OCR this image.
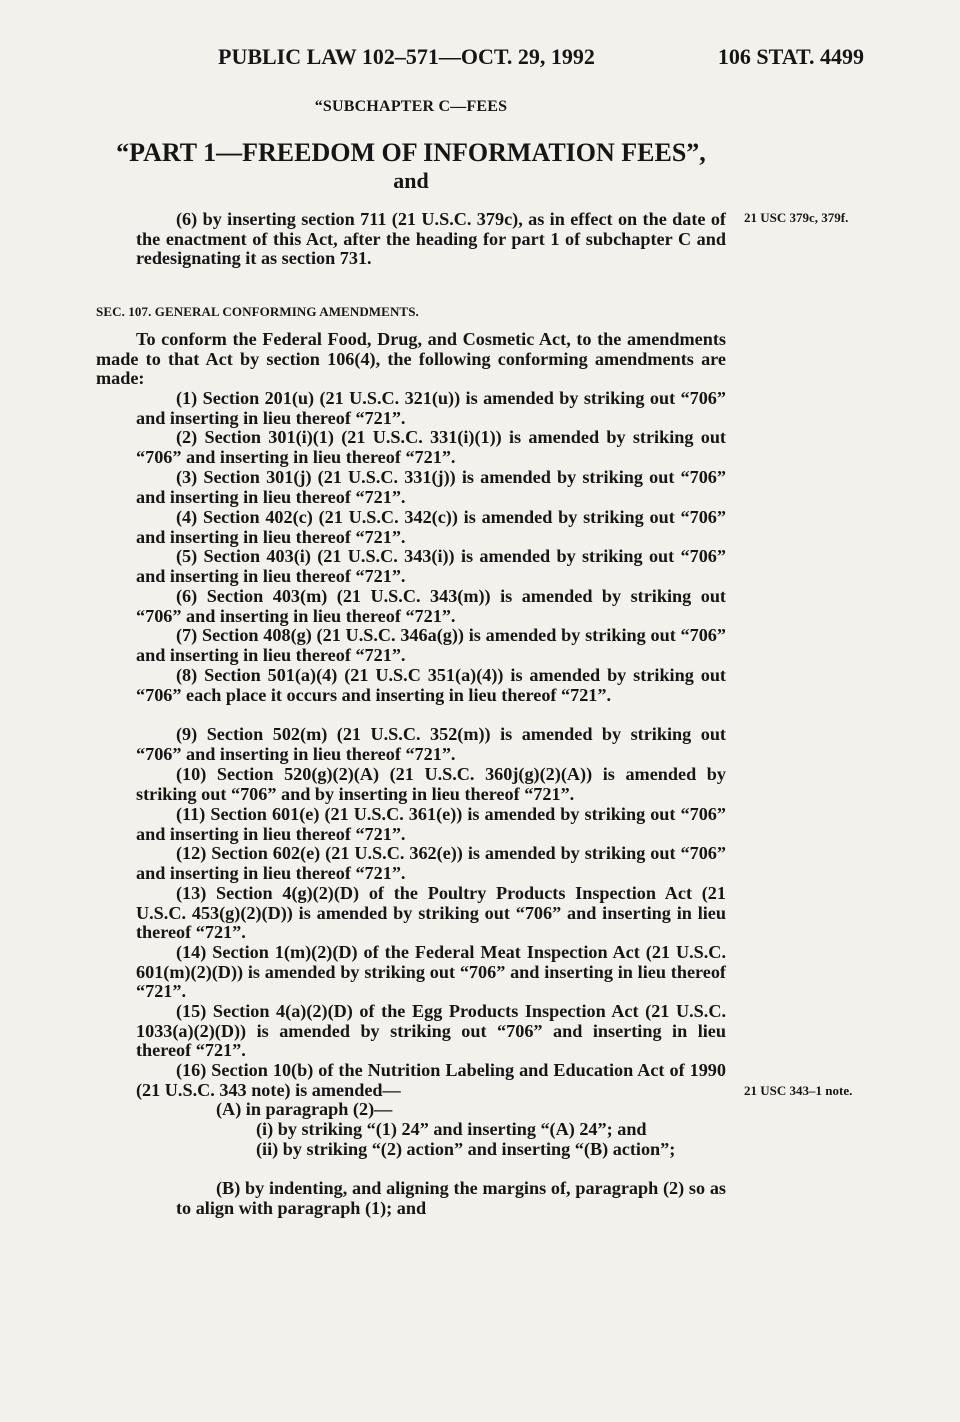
PUBLIC LAW 102–571—OCT. 29, 1992	106 STAT. 4499
“SUBCHAPTER C—FEES
“PART 1—FREEDOM OF INFORMATION FEES”,
and

(6) by inserting section 711 (21 U.S.C. 379c), as in effect on the date of the enactment of this Act, after the heading for part 1 of subchapter C and redesignating it as section 731.

SEC. 107. GENERAL CONFORMING AMENDMENTS.

To conform the Federal Food, Drug, and Cosmetic Act, to the amendments made to that Act by section 106(4), the following conforming amendments are made:

(1) Section 201(u) (21 U.S.C. 321(u)) is amended by striking out “706” and inserting in lieu thereof “721”.

(2) Section 301(i)(1) (21 U.S.C. 331(i)(1)) is amended by striking out “706” and inserting in lieu thereof “721”.

(3) Section 301(j) (21 U.S.C. 331(j)) is amended by striking out “706” and inserting in lieu thereof “721”.

(4) Section 402(c) (21 U.S.C. 342(c)) is amended by striking out “706” and inserting in lieu thereof “721”.

(5) Section 403(i) (21 U.S.C. 343(i)) is amended by striking out “706” and inserting in lieu thereof “721”.

(6) Section 403(m) (21 U.S.C. 343(m)) is amended by striking out “706” and inserting in lieu thereof “721”.

(7) Section 408(g) (21 U.S.C. 346a(g)) is amended by striking out “706” and inserting in lieu thereof “721”.

(8) Section 501(a)(4) (21 U.S.C 351(a)(4)) is amended by striking out “706” each place it occurs and inserting in lieu thereof “721”.

(9) Section 502(m) (21 U.S.C. 352(m)) is amended by striking out “706” and inserting in lieu thereof “721”.

(10) Section 520(g)(2)(A) (21 U.S.C. 360j(g)(2)(A)) is amended by striking out “706” and by inserting in lieu thereof “721”.

(11) Section 601(e) (21 U.S.C. 361(e)) is amended by striking out “706” and inserting in lieu thereof “721”.

(12) Section 602(e) (21 U.S.C. 362(e)) is amended by striking out “706” and inserting in lieu thereof “721”.

(13) Section 4(g)(2)(D) of the Poultry Products Inspection Act (21 U.S.C. 453(g)(2)(D)) is amended by striking out “706” and inserting in lieu thereof “721”.

(14) Section 1(m)(2)(D) of the Federal Meat Inspection Act (21 U.S.C. 601(m)(2)(D)) is amended by striking out “706” and inserting in lieu thereof “721”.

(15) Section 4(a)(2)(D) of the Egg Products Inspection Act (21 U.S.C. 1033(a)(2)(D)) is amended by striking out “706” and inserting in lieu thereof “721”.

(16) Section 10(b) of the Nutrition Labeling and Education Act of 1990 (21 U.S.C. 343 note) is amended—

(A) in paragraph (2)—

(i) by striking “(1) 24” and inserting “(A) 24”; and

(ii) by striking “(2) action” and inserting “(B) action”;

(B) by indenting, and aligning the margins of, paragraph (2) so as to align with paragraph (1); and

21 USC 379c, 379f.
21 USC 343–1 note.
